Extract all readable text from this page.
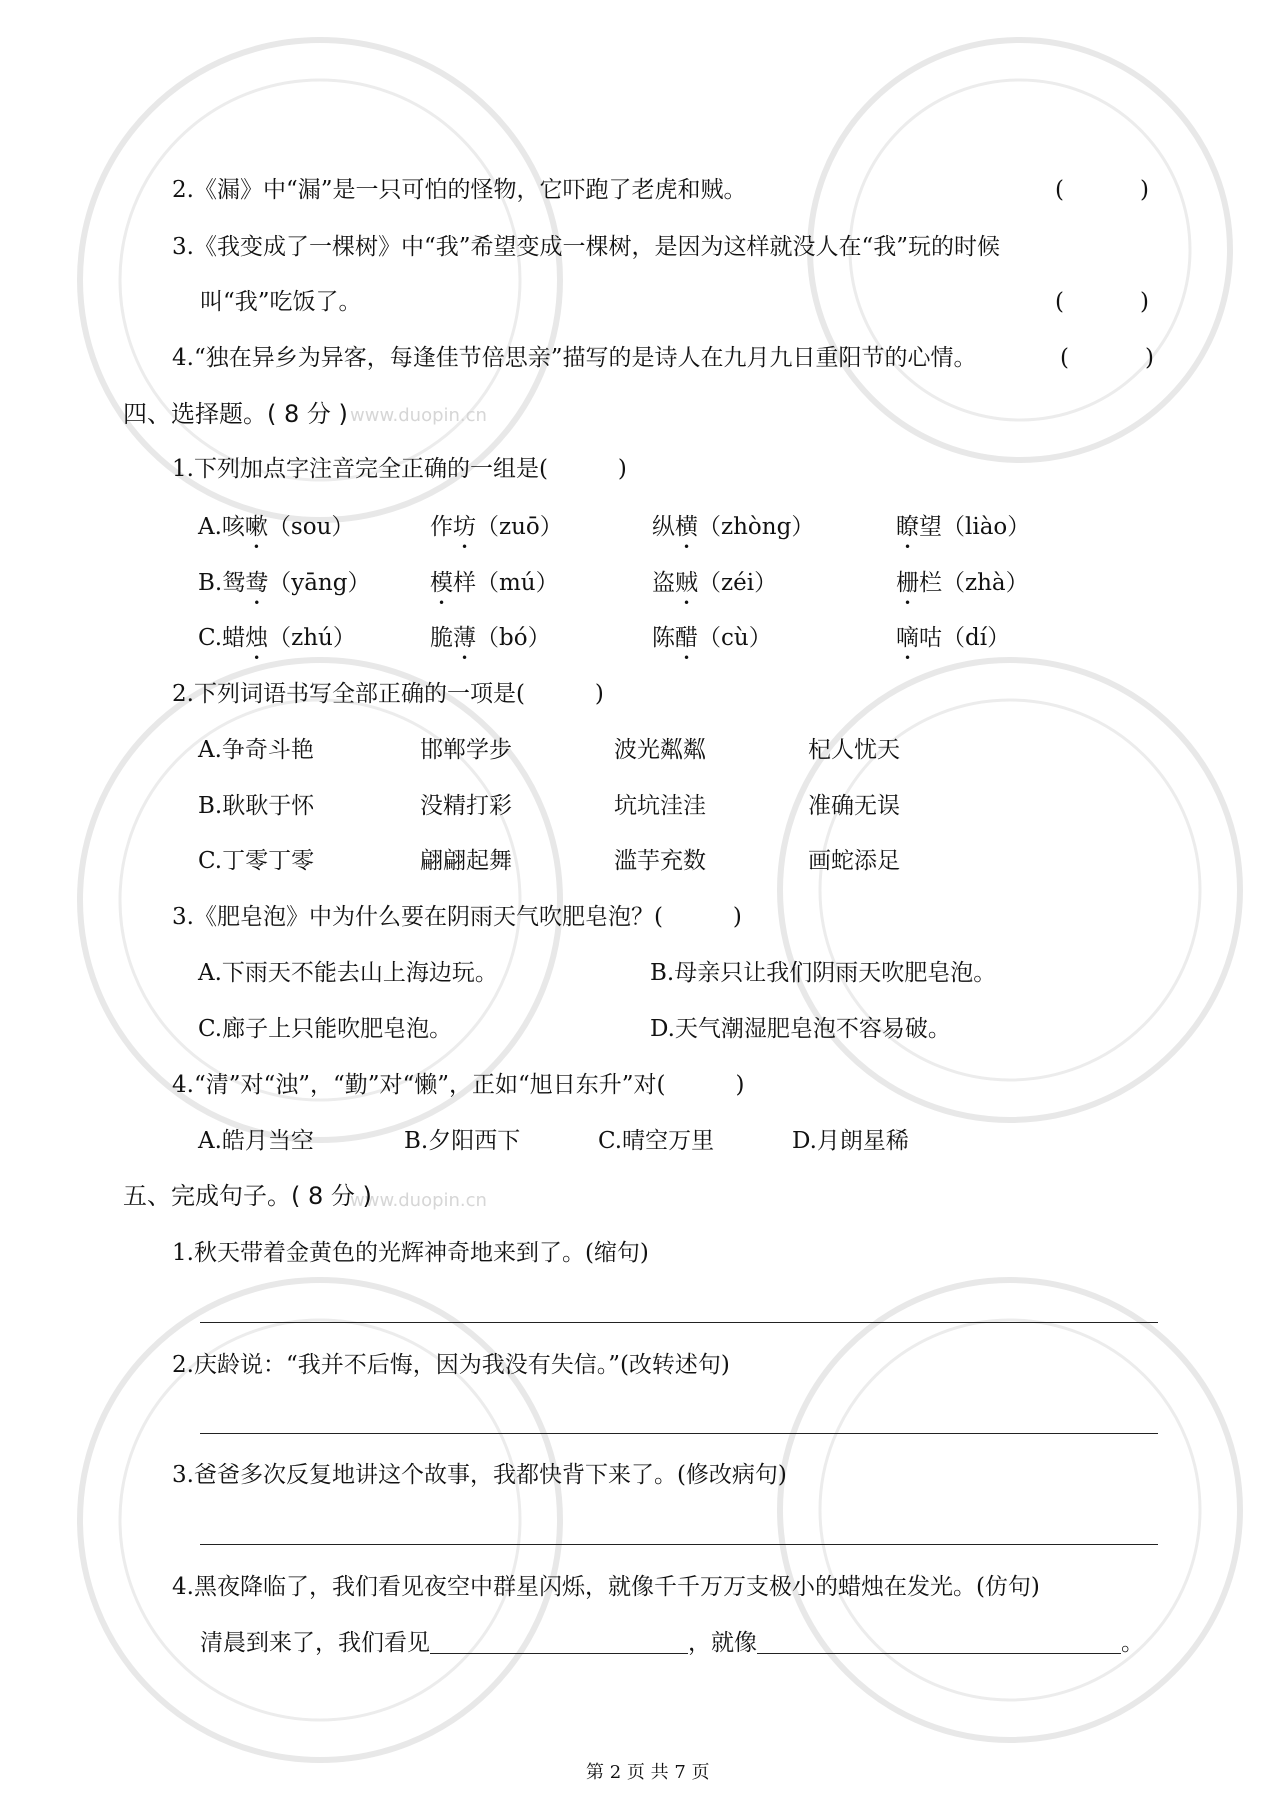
www.duopin.cn
www.duopin.cn
2.《漏》中“漏”是一只可怕的怪物，它吓跑了老虎和贼。	(	)
3.《我变成了一棵树》中“我”希望变成一棵树，是因为这样就没人在“我”玩的时候
叫“我”吃饭了。	(	)
4.“独在异乡为异客，每逢佳节倍思亲”描写的是诗人在九月九日重阳节的心情。	(	)
四、选择题。( 8 分 )
1.下列加点字注音完全正确的一组是(	)
A.咳嗽（sou）	作坊（zuō）	纵横（zhòng）	瞭望（liào）
B.鸳鸯（yāng）	模样（mú）	盗贼（zéi）	栅栏（zhà）
C.蜡烛（zhú）	脆薄（bó）	陈醋（cù）	嘀咕（dí）
2.下列词语书写全部正确的一项是(	)
A.争奇斗艳	邯郸学步	波光粼粼	杞人忧天
B.耿耿于怀	没精打彩	坑坑洼洼	准确无误
C.丁零丁零	翩翩起舞	滥芋充数	画蛇添足
3.《肥皂泡》中为什么要在阴雨天气吹肥皂泡？(	)
A.下雨天不能去山上海边玩。	B.母亲只让我们阴雨天吹肥皂泡。
C.廊子上只能吹肥皂泡。	D.天气潮湿肥皂泡不容易破。
4.“清”对“浊”，“勤”对“懒”，正如“旭日东升”对(	)
A.皓月当空	B.夕阳西下	C.晴空万里	D.月朗星稀
五、完成句子。( 8 分 )
1.秋天带着金黄色的光辉神奇地来到了。(缩句)
2.庆龄说：“我并不后悔，因为我没有失信。”(改转述句)
3.爸爸多次反复地讲这个故事，我都快背下来了。(修改病句)
4.黑夜降临了，我们看见夜空中群星闪烁，就像千千万万支极小的蜡烛在发光。(仿句)
清晨到来了，我们看见	，就像	。
第 2 页 共 7 页
